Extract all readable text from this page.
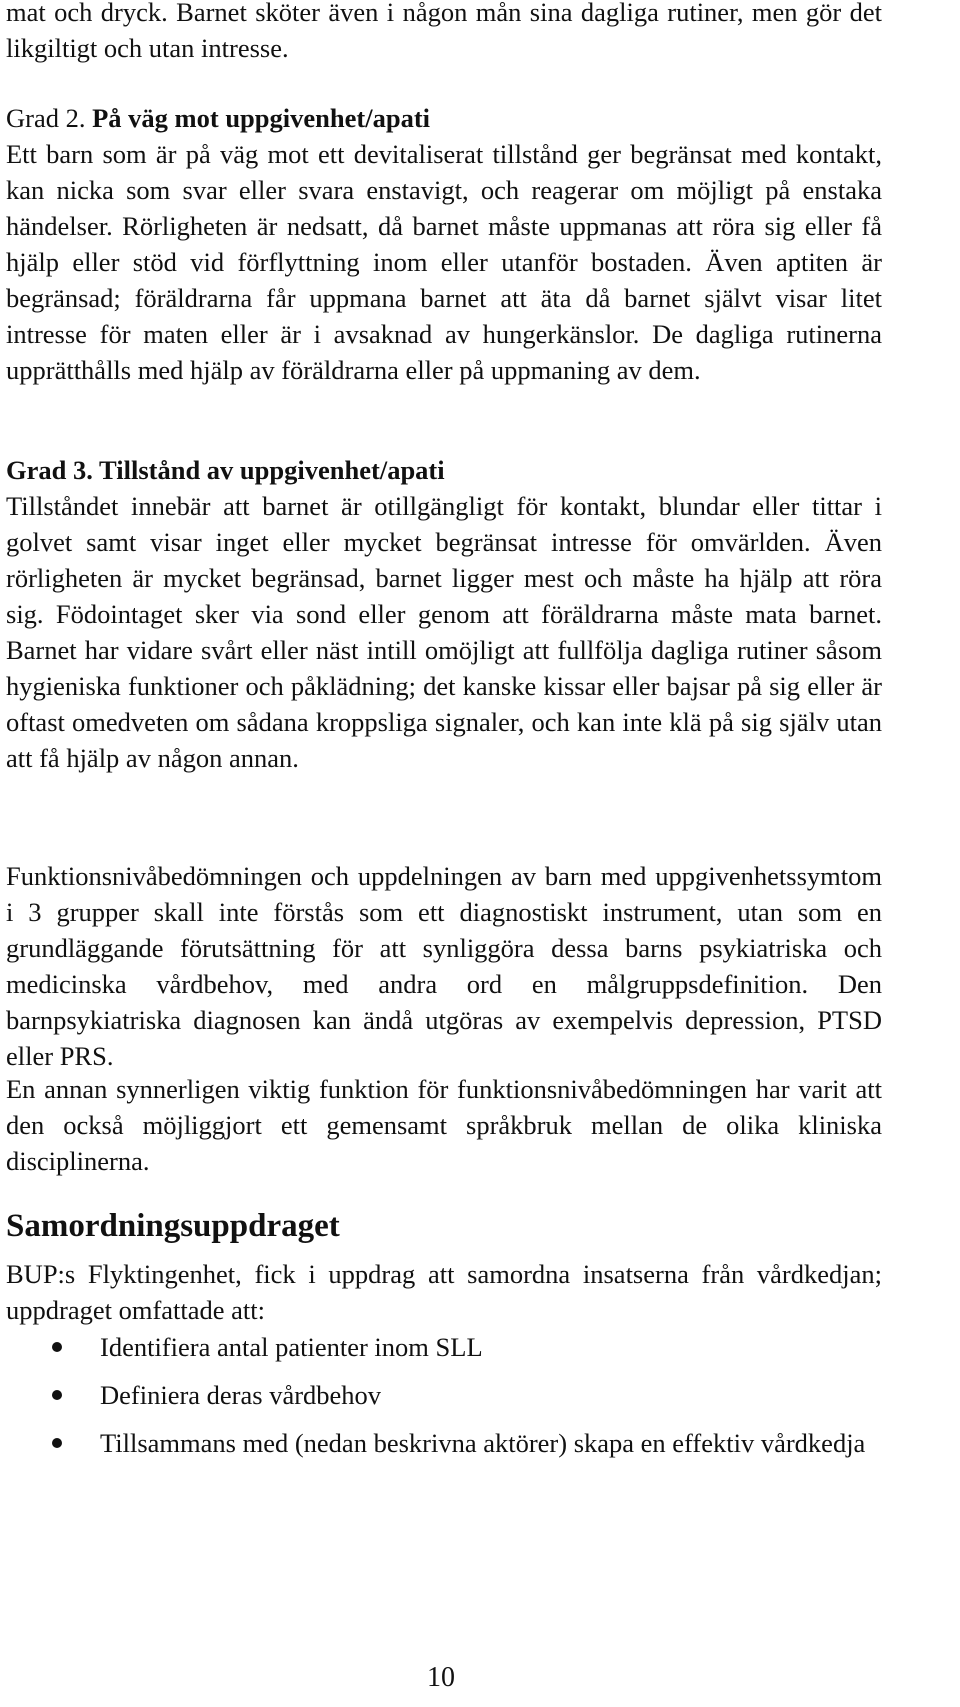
mat och dryck. Barnet sköter även i någon mån sina dagliga rutiner, men gör det likgiltigt och utan intresse.

Grad 2. På väg mot uppgivenhet/apati

Ett barn som är på väg mot ett devitaliserat tillstånd ger begränsat med kontakt, kan nicka som svar eller svara enstavigt, och reagerar om möjligt på enstaka händelser. Rörligheten är nedsatt, då barnet måste uppmanas att röra sig eller få hjälp eller stöd vid förflyttning inom eller utanför bostaden. Även aptiten är begränsad; föräldrarna får uppmana barnet att äta då barnet självt visar litet intresse för maten eller är i avsaknad av hungerkänslor. De dagliga rutinerna upprätthålls med hjälp av föräldrarna eller på uppmaning av dem.

Grad 3. Tillstånd av uppgivenhet/apati

Tillståndet innebär att barnet är otillgängligt för kontakt, blundar eller tittar i golvet samt visar inget eller mycket begränsat intresse för omvärlden. Även rörligheten är mycket begränsad, barnet ligger mest och måste ha hjälp att röra sig. Födointaget sker via sond eller genom att föräldrarna måste mata barnet. Barnet har vidare svårt eller näst intill omöjligt att fullfölja dagliga rutiner såsom hygieniska funktioner och påklädning; det kanske kissar eller bajsar på sig eller är oftast omedveten om sådana kroppsliga signaler, och kan inte klä på sig själv utan att få hjälp av någon annan.

Funktionsnivåbedömningen och uppdelningen av barn med uppgivenhetssymtom i 3 grupper skall inte förstås som ett diagnostiskt instrument, utan som en grundläggande förutsättning för att synliggöra dessa barns psykiatriska och medicinska vårdbehov, med andra ord en målgruppsdefinition. Den barnpsykiatriska diagnosen kan ändå utgöras av exempelvis depression, PTSD eller PRS.

En annan synnerligen viktig funktion för funktionsnivåbedömningen har varit att den också möjliggjort ett gemensamt språkbruk mellan de olika kliniska disciplinerna.

Samordningsuppdraget

BUP:s Flyktingenhet, fick i uppdrag att samordna insatserna från vårdkedjan; uppdraget omfattade att:

Identifiera antal patienter inom SLL
Definiera deras vårdbehov
Tillsammans med (nedan beskrivna aktörer) skapa en effektiv vårdkedja
10
